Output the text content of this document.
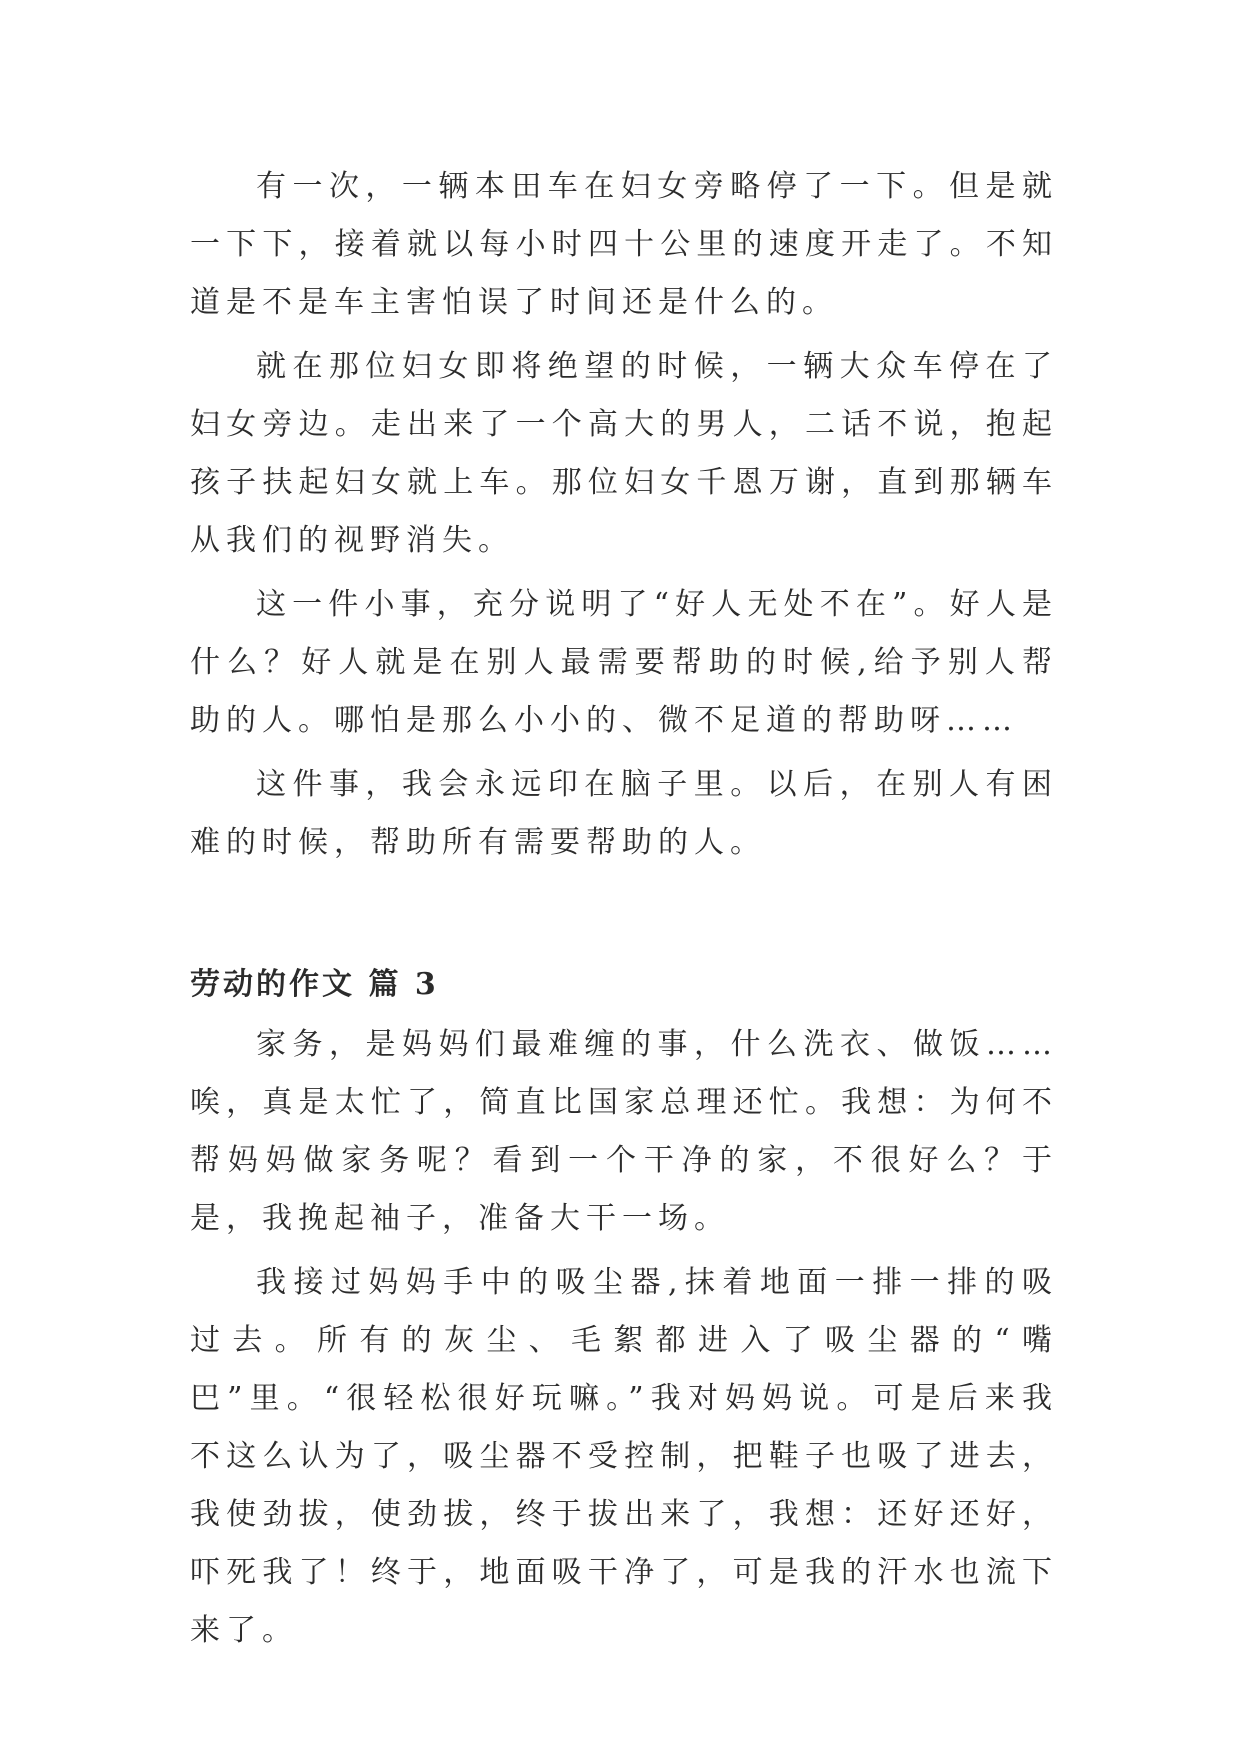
有一次，一辆本田车在妇女旁略停了一下。但是就一下下，接着就以每小时四十公里的速度开走了。不知道是不是车主害怕误了时间还是什么的。

就在那位妇女即将绝望的时候，一辆大众车停在了妇女旁边。走出来了一个高大的男人，二话不说，抱起孩子扶起妇女就上车。那位妇女千恩万谢，直到那辆车从我们的视野消失。

这一件小事，充分说明了“好人无处不在”。好人是什么？好人就是在别人最需要帮助的时候,给予别人帮助的人。哪怕是那么小小的、微不足道的帮助呀……

这件事，我会永远印在脑子里。以后，在别人有困难的时候，帮助所有需要帮助的人。

劳动的作文 篇 3

家务，是妈妈们最难缠的事，什么洗衣、做饭……唉，真是太忙了，简直比国家总理还忙。我想：为何不帮妈妈做家务呢？看到一个干净的家，不很好么？于是，我挽起袖子，准备大干一场。

我接过妈妈手中的吸尘器,抹着地面一排一排的吸过去。所有的灰尘、毛絮都进入了吸尘器的“嘴巴”里。“很轻松很好玩嘛。”我对妈妈说。可是后来我不这么认为了，吸尘器不受控制，把鞋子也吸了进去，我使劲拔，使劲拔，终于拔出来了，我想：还好还好，吓死我了！终于，地面吸干净了，可是我的汗水也流下来了。
